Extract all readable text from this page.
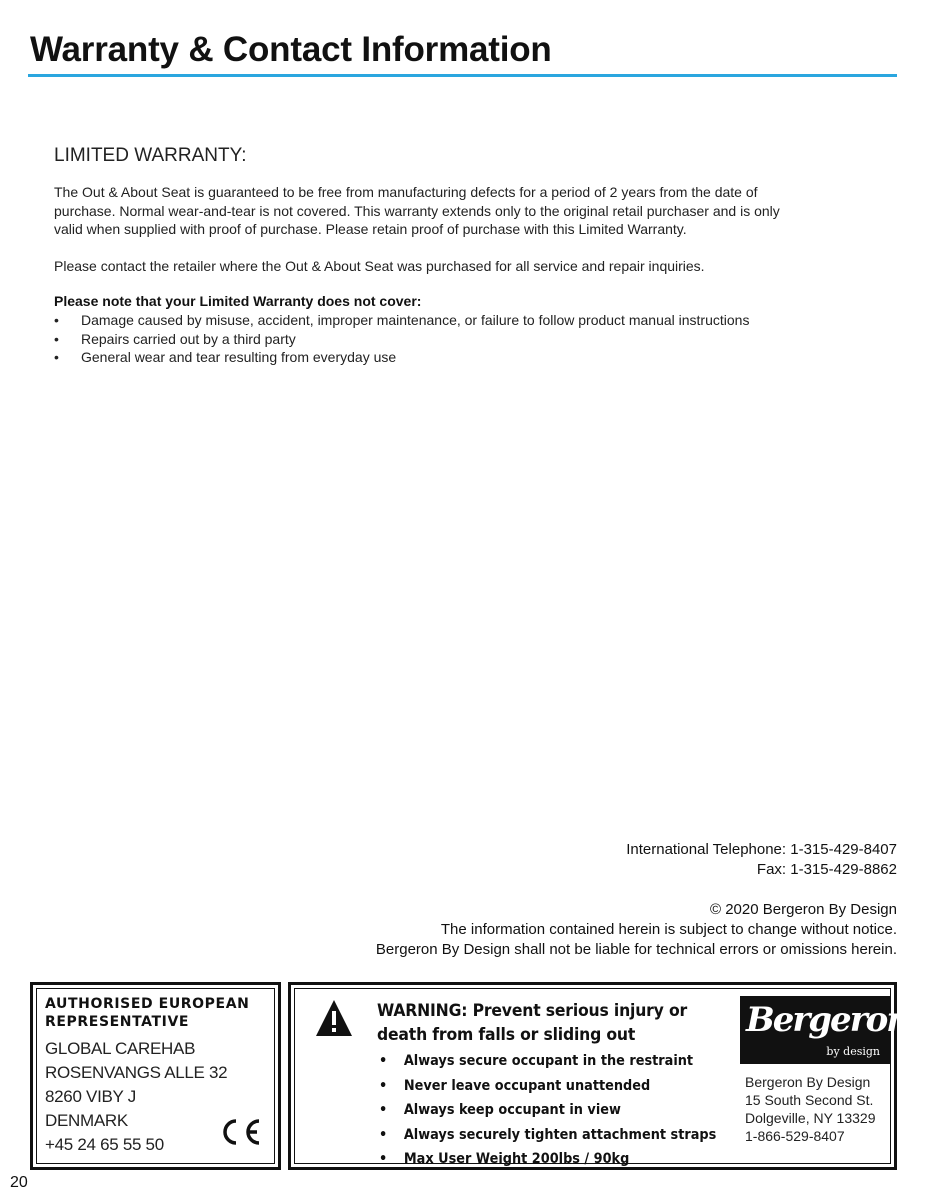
Warranty & Contact Information
LIMITED WARRANTY:
The Out & About Seat is guaranteed to be free from manufacturing defects for a period of 2 years from the date of
purchase. Normal wear-and-tear is not covered. This warranty extends only to the original retail purchaser and is only
valid when supplied with proof of purchase. Please retain proof of purchase with this Limited Warranty.
Please contact the retailer where the Out & About Seat was purchased for all service and repair inquiries.
Please note that your Limited Warranty does not cover:
• Damage caused by misuse, accident, improper maintenance, or failure to follow product manual instructions
• Repairs carried out by a third party
• General wear and tear resulting from everyday use
International Telephone: 1-315-429-8407
Fax: 1-315-429-8862
© 2020 Bergeron By Design
The information contained herein is subject to change without notice.
Bergeron By Design shall not be liable for technical errors or omissions herein.
AUTHORISED EUROPEAN
REPRESENTATIVE
GLOBAL CAREHAB
ROSENVANGS ALLE 32
8260 VIBY J
DENMARK
+45 24 65 55 50
WARNING: Prevent serious injury or
death from falls or sliding out
• Always secure occupant in the restraint
• Never leave occupant unattended
• Always keep occupant in view
• Always securely tighten attachment straps
• Max User Weight 200lbs / 90kg
Bergeron
by design
Bergeron By Design
15 South Second St.
Dolgeville, NY 13329
1-866-529-8407
20
